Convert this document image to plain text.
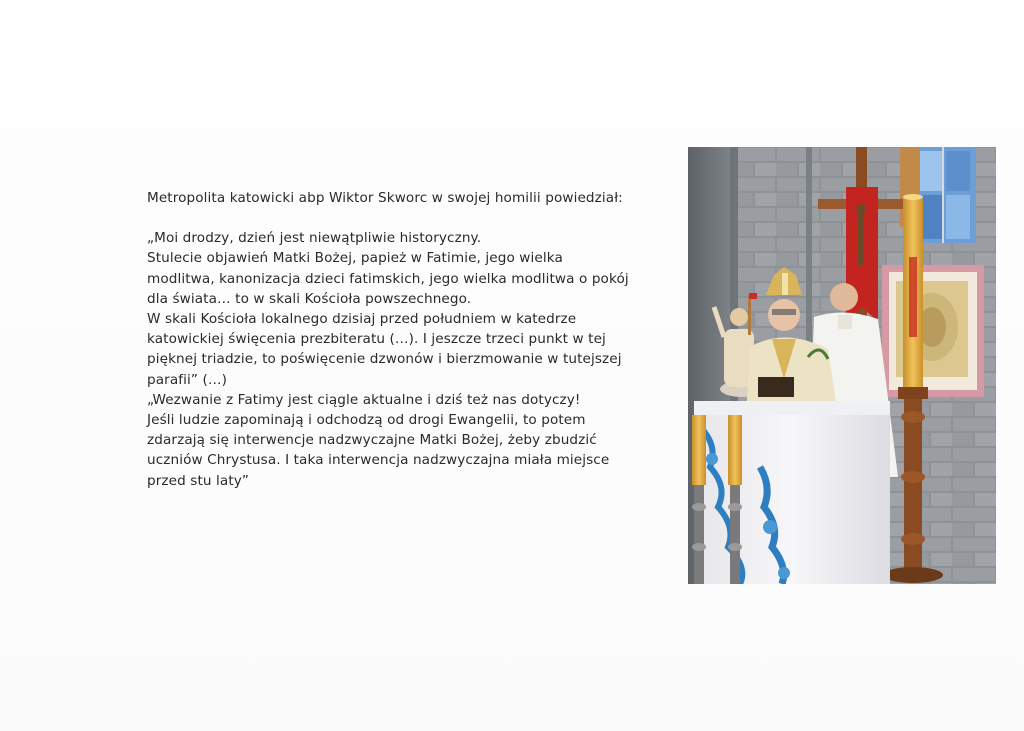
Metropolita katowicki abp Wiktor Skworc w swojej homilii powiedział:

„Moi drodzy, dzień jest niewątpliwie historyczny.

Stulecie objawień Matki Bożej, papież w Fatimie, jego wielka

modlitwa, kanonizacja dzieci fatimskich, jego wielka modlitwa o pokój

dla świata… to w skali Kościoła powszechnego.

W skali Kościoła lokalnego dzisiaj przed południem w katedrze

katowickiej święcenia prezbiteratu (…). I jeszcze trzeci punkt w tej

pięknej triadzie, to poświęcenie dzwonów i bierzmowanie w tutejszej

parafii” (…)

„Wezwanie z Fatimy jest ciągle aktualne i dziś też nas dotyczy!

Jeśli ludzie zapominają i odchodzą od drogi Ewangelii, to potem

zdarzają się interwencje nadzwyczajne Matki Bożej, żeby zbudzić

uczniów Chrystusa. I taka interwencja nadzwyczajna miała miejsce

przed stu laty”
